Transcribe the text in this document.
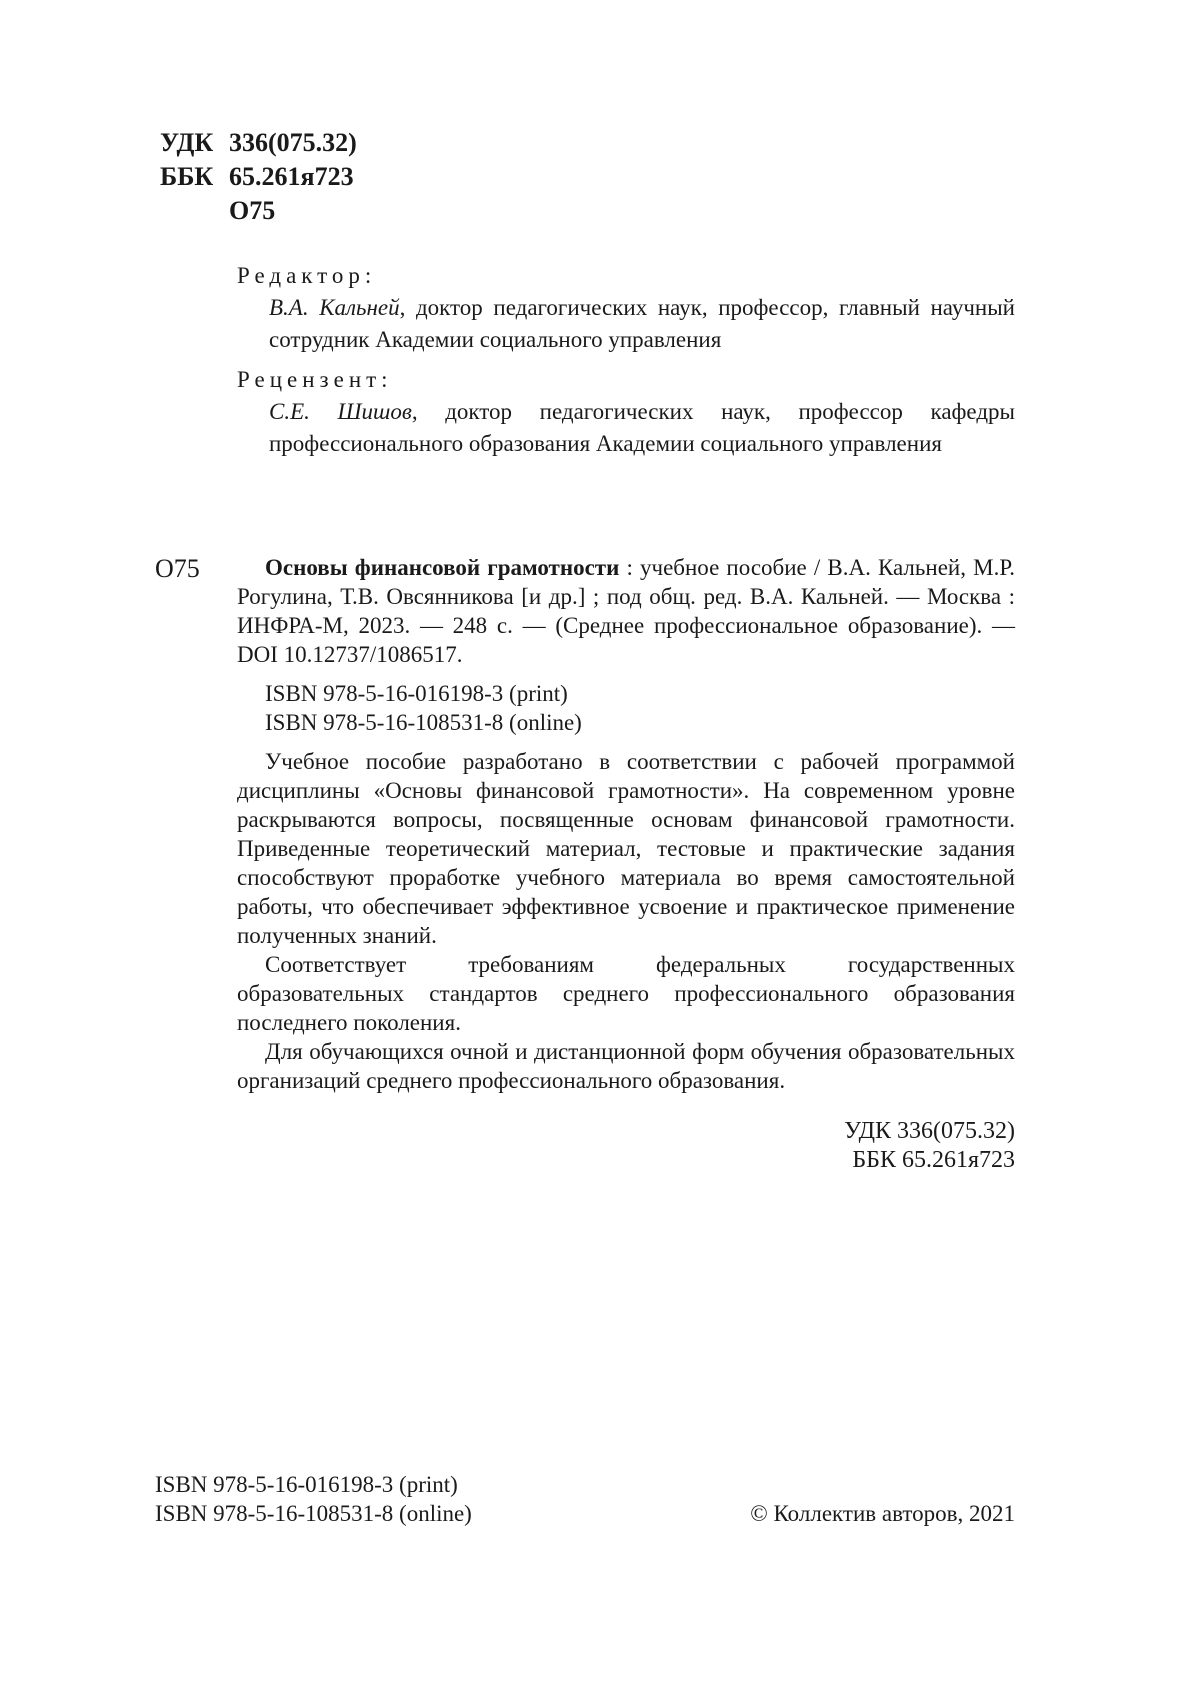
УДК 336(075.32)
ББК 65.261я723
О75

Редактор:

В.А. Кальней, доктор педагогических наук, профессор, главный научный сотрудник Академии социального управления

Рецензент:

С.Е. Шишов, доктор педагогических наук, профессор кафедры профессионального образования Академии социального управления

О75	Основы финансовой грамотности : учебное пособие / В.А. Кальней, М.Р. Рогулина, Т.В. Овсянникова [и др.] ; под общ. ред. В.А. Кальней. — Москва : ИНФРА-М, 2023. — 248 с. — (Среднее профессиональное образование). — DOI 10.12737/1086517.

ISBN 978-5-16-016198-3 (print)
ISBN 978-5-16-108531-8 (online)

Учебное пособие разработано в соответствии с рабочей программой дисциплины «Основы финансовой грамотности». На современном уровне раскрываются вопросы, посвященные основам финансовой грамотности. Приведенные теоретический материал, тестовые и практические задания способствуют проработке учебного материала во время самостоятельной работы, что обеспечивает эффективное усвоение и практическое применение полученных знаний.

Соответствует требованиям федеральных государственных образовательных стандартов среднего профессионального образования последнего поколения.

Для обучающихся очной и дистанционной форм обучения образовательных организаций среднего профессионального образования.

УДК 336(075.32)
ББК 65.261я723
ISBN 978-5-16-016198-3 (print)
ISBN 978-5-16-108531-8 (online)	© Коллектив авторов, 2021
